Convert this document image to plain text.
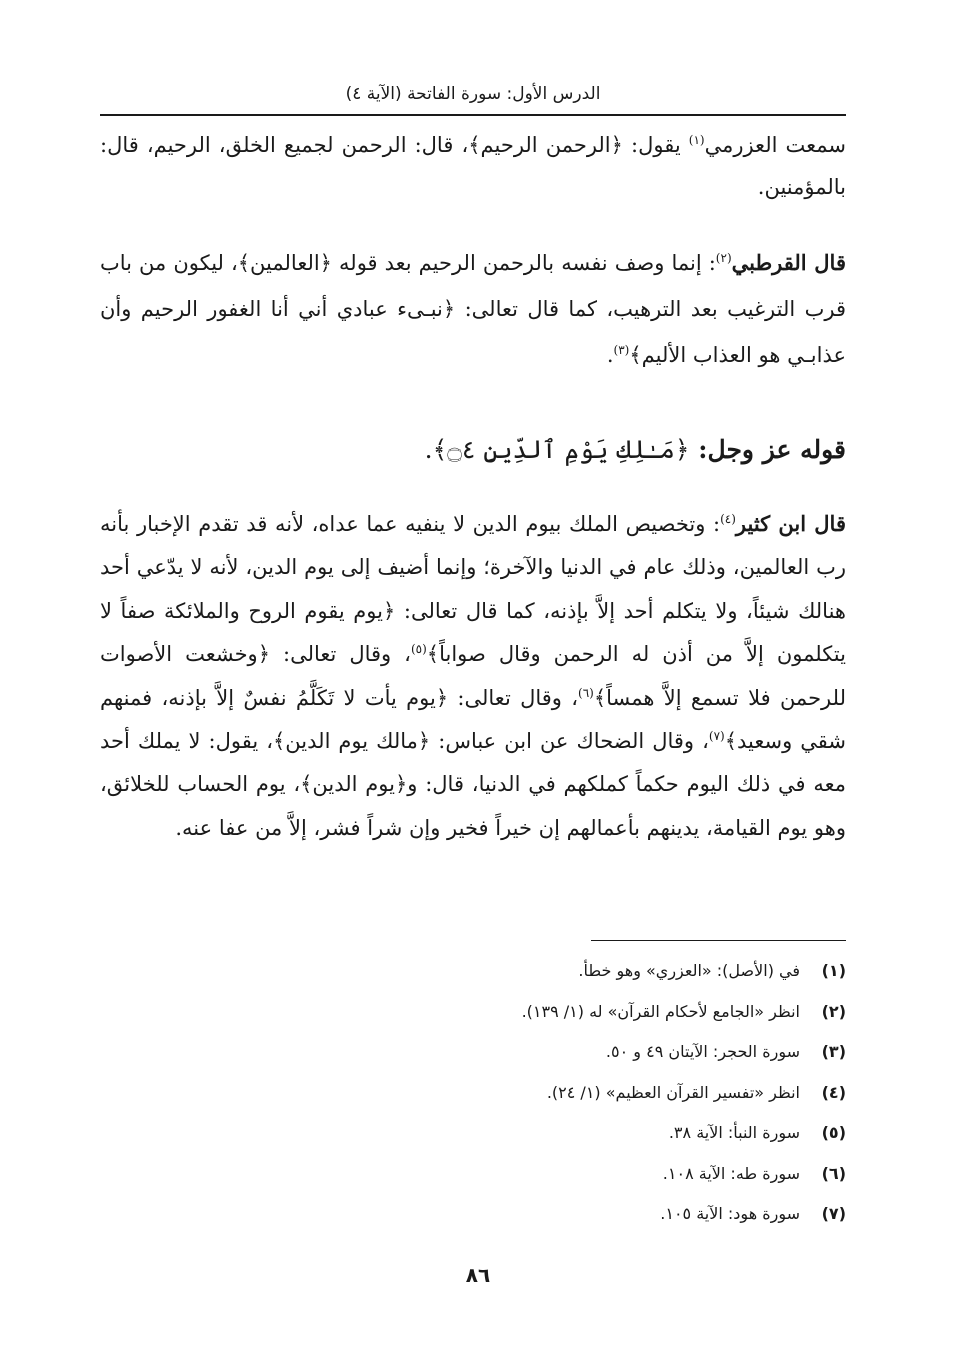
الدرس الأول: سورة الفاتحة (الآية ٤)

سمعت العزرمي$^{(١)}$ يقول: ﴿الرحمن الرحيم﴾، قال: الرحمن لجميع الخلق، الرحيم، قال: بالمؤمنين.

قال القرطبي$^{(٢)}$: إنما وصف نفسه بالرحمن الرحيم بعد قوله ﴿العالمين﴾، ليكون من باب قرب الترغيب بعد الترهيب، كما قال تعالى: ﴿نبـىء عبادي أني أنا الغفور الرحيم وأن عذابـي هو العذاب الأليم﴾$^{(٣)}$.

قوله عز وجل: ﴿مَـٰلِكِ يَوْمِ ٱلدِّينِ ۝٤﴾.

قال ابن كثير$^{(٤)}$: وتخصيص الملك بيوم الدين لا ينفيه عما عداه، لأنه قد تقدم الإخبار بأنه رب العالمين، وذلك عام في الدنيا والآخرة؛ وإنما أضيف إلى يوم الدين، لأنه لا يدّعي أحد هنالك شيئاً، ولا يتكلم أحد إلاَّ بإذنه، كما قال تعالى: ﴿يوم يقوم الروح والملائكة صفاً لا يتكلمون إلاَّ من أذن له الرحمن وقال صواباً﴾$^{(٥)}$، وقال تعالى: ﴿وخشعت الأصوات للرحمن فلا تسمع إلاَّ همساً﴾$^{(٦)}$، وقال تعالى: ﴿يوم يأت لا تَكَلَّمُ نفسٌ إلاَّ بإذنه، فمنهم شقي وسعيد﴾$^{(٧)}$، وقال الضحاك عن ابن عباس: ﴿مالك يوم الدين﴾، يقول: لا يملك أحد معه في ذلك اليوم حكماً كملكهم في الدنيا، قال: و﴿يوم الدين﴾، يوم الحساب للخلائق، وهو يوم القيامة، يدينهم بأعمالهم إن خيراً فخير وإن شراً فشر، إلاَّ من عفا عنه.

(١)
في (الأصل): «العزري» وهو خطأ.
(٢)
انظر «الجامع لأحكام القرآن» له (١/ ١٣٩).
(٣)
سورة الحجر: الآيتان ٤٩ و ٥٠.
(٤)
انظر «تفسير القرآن العظيم» (١/ ٢٤).
(٥)
سورة النبأ: الآية ٣٨.
(٦)
سورة طه: الآية ١٠٨.
(٧)
سورة هود: الآية ١٠٥.
٨٦
